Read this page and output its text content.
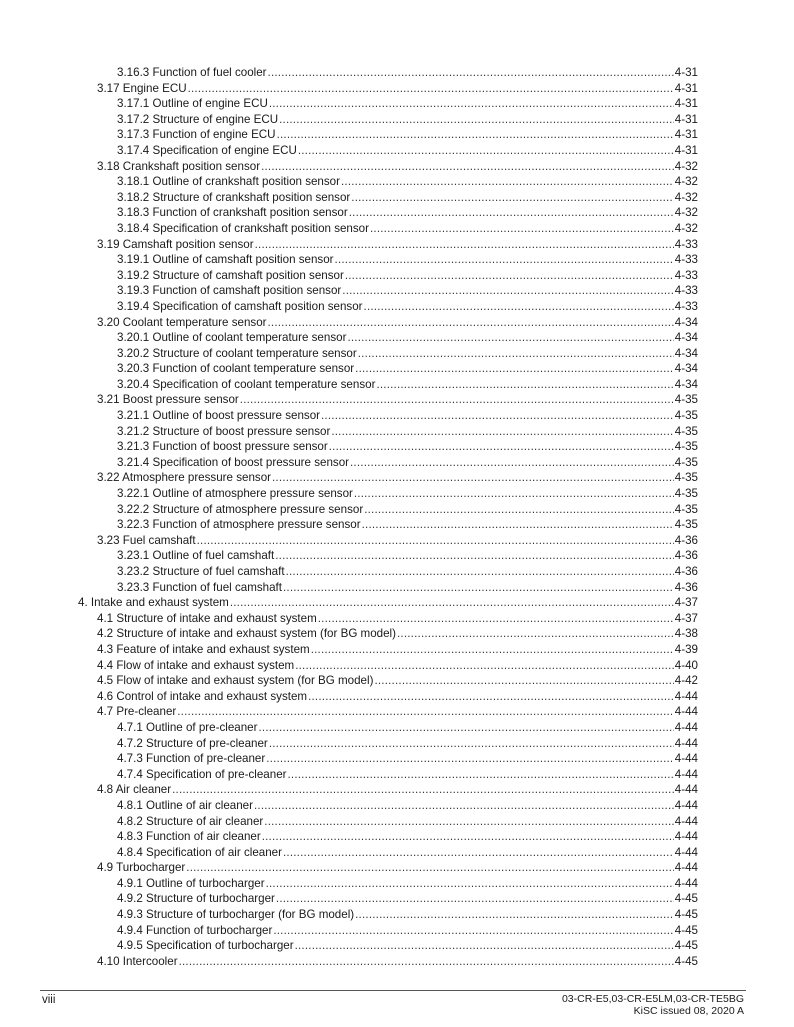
3.16.3 Function of fuel cooler .....	4-31
3.17 Engine ECU .....	4-31
3.17.1 Outline of engine ECU .....	4-31
3.17.2 Structure of engine ECU .....	4-31
3.17.3 Function of engine ECU .....	4-31
3.17.4 Specification of engine ECU .....	4-31
3.18 Crankshaft position sensor .....	4-32
3.18.1 Outline of crankshaft position sensor .....	4-32
3.18.2 Structure of crankshaft position sensor .....	4-32
3.18.3 Function of crankshaft position sensor .....	4-32
3.18.4 Specification of crankshaft position sensor .....	4-32
3.19 Camshaft position sensor .....	4-33
3.19.1 Outline of camshaft position sensor .....	4-33
3.19.2 Structure of camshaft position sensor .....	4-33
3.19.3 Function of camshaft position sensor .....	4-33
3.19.4 Specification of camshaft position sensor .....	4-33
3.20 Coolant temperature sensor .....	4-34
3.20.1 Outline of coolant temperature sensor .....	4-34
3.20.2 Structure of coolant temperature sensor .....	4-34
3.20.3 Function of coolant temperature sensor .....	4-34
3.20.4 Specification of coolant temperature sensor .....	4-34
3.21 Boost pressure sensor .....	4-35
3.21.1 Outline of boost pressure sensor .....	4-35
3.21.2 Structure of boost pressure sensor .....	4-35
3.21.3 Function of boost pressure sensor .....	4-35
3.21.4 Specification of boost pressure sensor .....	4-35
3.22 Atmosphere pressure sensor .....	4-35
3.22.1 Outline of atmosphere pressure sensor .....	4-35
3.22.2 Structure of atmosphere pressure sensor .....	4-35
3.22.3 Function of atmosphere pressure sensor .....	4-35
3.23 Fuel camshaft .....	4-36
3.23.1 Outline of fuel camshaft .....	4-36
3.23.2 Structure of fuel camshaft .....	4-36
3.23.3 Function of fuel camshaft .....	4-36
4. Intake and exhaust system .....	4-37
4.1 Structure of intake and exhaust system .....	4-37
4.2 Structure of intake and exhaust system (for BG model) .....	4-38
4.3 Feature of intake and exhaust system .....	4-39
4.4 Flow of intake and exhaust system .....	4-40
4.5 Flow of intake and exhaust system (for BG model) .....	4-42
4.6 Control of intake and exhaust system .....	4-44
4.7 Pre-cleaner .....	4-44
4.7.1 Outline of pre-cleaner .....	4-44
4.7.2 Structure of pre-cleaner .....	4-44
4.7.3 Function of pre-cleaner .....	4-44
4.7.4 Specification of pre-cleaner .....	4-44
4.8 Air cleaner .....	4-44
4.8.1 Outline of air cleaner .....	4-44
4.8.2 Structure of air cleaner .....	4-44
4.8.3 Function of air cleaner .....	4-44
4.8.4 Specification of air cleaner .....	4-44
4.9 Turbocharger .....	4-44
4.9.1 Outline of turbocharger .....	4-44
4.9.2 Structure of turbocharger .....	4-45
4.9.3 Structure of turbocharger (for BG model) .....	4-45
4.9.4 Function of turbocharger .....	4-45
4.9.5 Specification of turbocharger .....	4-45
4.10 Intercooler .....	4-45
viii	03-CR-E5,03-CR-E5LM,03-CR-TE5BG
KiSC issued 08, 2020 A
